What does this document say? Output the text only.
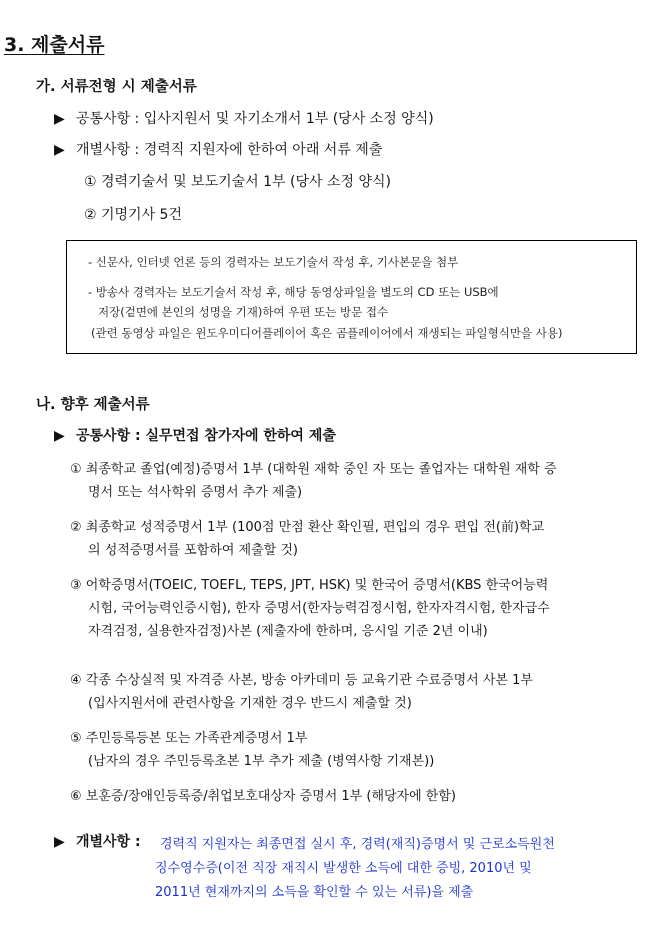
3. 제출서류
가. 서류전형 시 제출서류
▶ 공통사항 : 입사지원서 및 자기소개서 1부 (당사 소정 양식)
▶ 개별사항 : 경력직 지원자에 한하여 아래 서류 제출
① 경력기술서 및 보도기술서 1부 (당사 소정 양식)
② 기명기사 5건
- 신문사, 인터넷 언론 등의 경력자는 보도기술서 작성 후, 기사본문을 첨부
- 방송사 경력자는 보도기술서 작성 후, 해당 동영상파일을 별도의 CD 또는 USB에
저장(겉면에 본인의 성명을 기재)하여 우편 또는 방문 접수
(관련 동영상 파일은 윈도우미디어플레이어 혹은 곰플레이어에서 재생되는 파일형식만을 사용)
나. 향후 제출서류
▶ 공통사항 : 실무면접 참가자에 한하여 제출
① 최종학교 졸업(예정)증명서 1부 (대학원 재학 중인 자 또는 졸업자는 대학원 재학 증
명서 또는 석사학위 증명서 추가 제출)
② 최종학교 성적증명서 1부 (100점 만점 환산 확인필, 편입의 경우 편입 전(前)학교
의 성적증명서를 포함하여 제출할 것)
③ 어학증명서(TOEIC, TOEFL, TEPS, JPT, HSK) 및 한국어 증명서(KBS 한국어능력
시험, 국어능력인증시험), 한자 증명서(한자능력검정시험, 한자자격시험, 한자급수
자격검정, 실용한자검정)사본 (제출자에 한하며, 응시일 기준 2년 이내)
④ 각종 수상실적 및 자격증 사본, 방송 아카데미 등 교육기관 수료증명서 사본 1부
(입사지원서에 관련사항을 기재한 경우 반드시 제출할 것)
⑤ 주민등록등본 또는 가족관계증명서 1부
(남자의 경우 주민등록초본 1부 추가 제출 (병역사항 기재본))
⑥ 보훈증/장애인등록증/취업보호대상자 증명서 1부 (해당자에 한함)
▶ 개별사항 : 경력직 지원자는 최종면접 실시 후, 경력(재직)증명서 및 근로소득원천
징수영수증(이전 직장 재직시 발생한 소득에 대한 증빙, 2010년 및
2011년 현재까지의 소득을 확인할 수 있는 서류)을 제출
